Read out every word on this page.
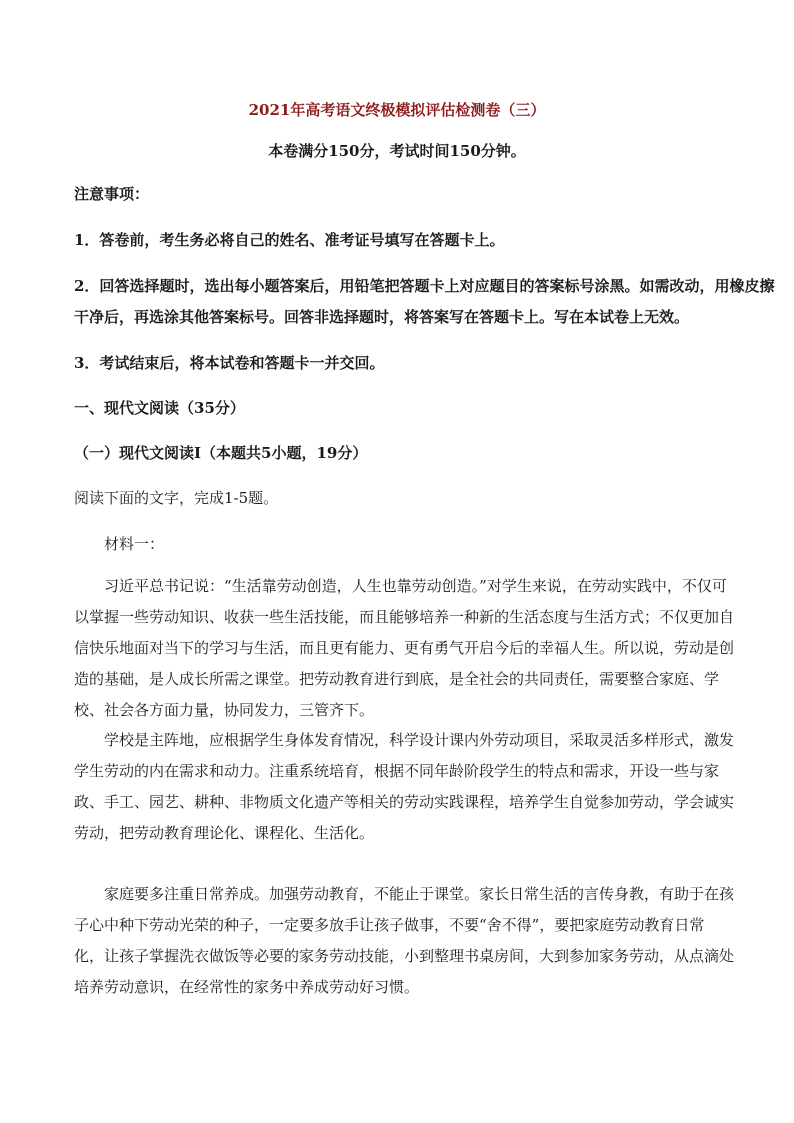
2021年高考语文终极模拟评估检测卷（三）
本卷满分150分，考试时间150分钟。
注意事项：
1．答卷前，考生务必将自己的姓名、准考证号填写在答题卡上。
2．回答选择题时，选出每小题答案后，用铅笔把答题卡上对应题目的答案标号涂黑。如需改动，用橡皮擦
干净后，再选涂其他答案标号。回答非选择题时，将答案写在答题卡上。写在本试卷上无效。
3．考试结束后，将本试卷和答题卡一并交回。
一、现代文阅读（35分）
（一）现代文阅读Ⅰ（本题共5小题，19分）
阅读下面的文字，完成1-5题。
材料一：

习近平总书记说：“生活靠劳动创造，人生也靠劳动创造。”对学生来说，在劳动实践中，不仅可以掌握一些劳动知识、收获一些生活技能，而且能够培养一种新的生活态度与生活方式；不仅更加自信快乐地面对当下的学习与生活，而且更有能力、更有勇气开启今后的幸福人生。所以说，劳动是创造的基础，是人成长所需之课堂。把劳动教育进行到底，是全社会的共同责任，需要整合家庭、学校、社会各方面力量，协同发力，三管齐下。

学校是主阵地，应根据学生身体发育情况，科学设计课内外劳动项目，采取灵活多样形式，激发学生劳动的内在需求和动力。注重系统培育，根据不同年龄阶段学生的特点和需求，开设一些与家政、手工、园艺、耕种、非物质文化遗产等相关的劳动实践课程，培养学生自觉参加劳动，学会诚实劳动，把劳动教育理论化、课程化、生活化。

家庭要多注重日常养成。加强劳动教育，不能止于课堂。家长日常生活的言传身教，有助于在孩子心中种下劳动光荣的种子，一定要多放手让孩子做事，不要“舍不得”，要把家庭劳动教育日常化，让孩子掌握洗衣做饭等必要的家务劳动技能，小到整理书桌房间，大到参加家务劳动，从点滴处培养劳动意识，在经常性的家务中养成劳动好习惯。
